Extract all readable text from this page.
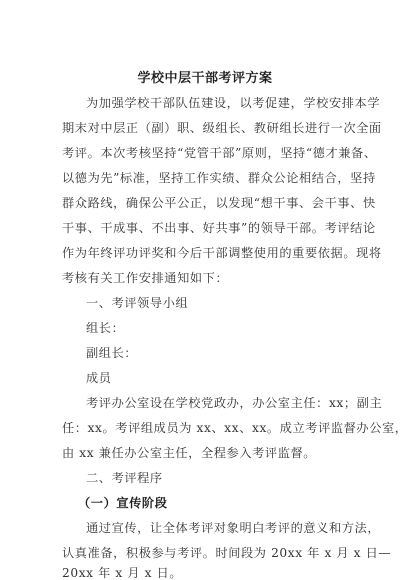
学校中层干部考评方案
为加强学校干部队伍建设，以考促建，学校安排本学
期末对中层正（副）职、级组长、教研组长进行一次全面
考评。本次考核坚持“党管干部”原则，坚持“德才兼备、
以德为先”标准，坚持工作实绩、群众公论相结合，坚持
群众路线，确保公平公正，以发现“想干事、会干事、快
干事、干成事、不出事、好共事”的领导干部。考评结论
作为年终评功评奖和今后干部调整使用的重要依据。现将
考核有关工作安排通知如下：
一、考评领导小组
组长：
副组长：
成员
考评办公室设在学校党政办，办公室主任：xx；副主
任：xx。考评组成员为 xx、xx、xx。成立考评监督办公室，
由 xx 兼任办公室主任，全程参入考评监督。
二、考评程序
（一）宣传阶段
通过宣传，让全体考评对象明白考评的意义和方法，
认真准备，积极参与考评。时间段为 20xx 年 x 月 x 日—
20xx 年 x 月 x 日。
